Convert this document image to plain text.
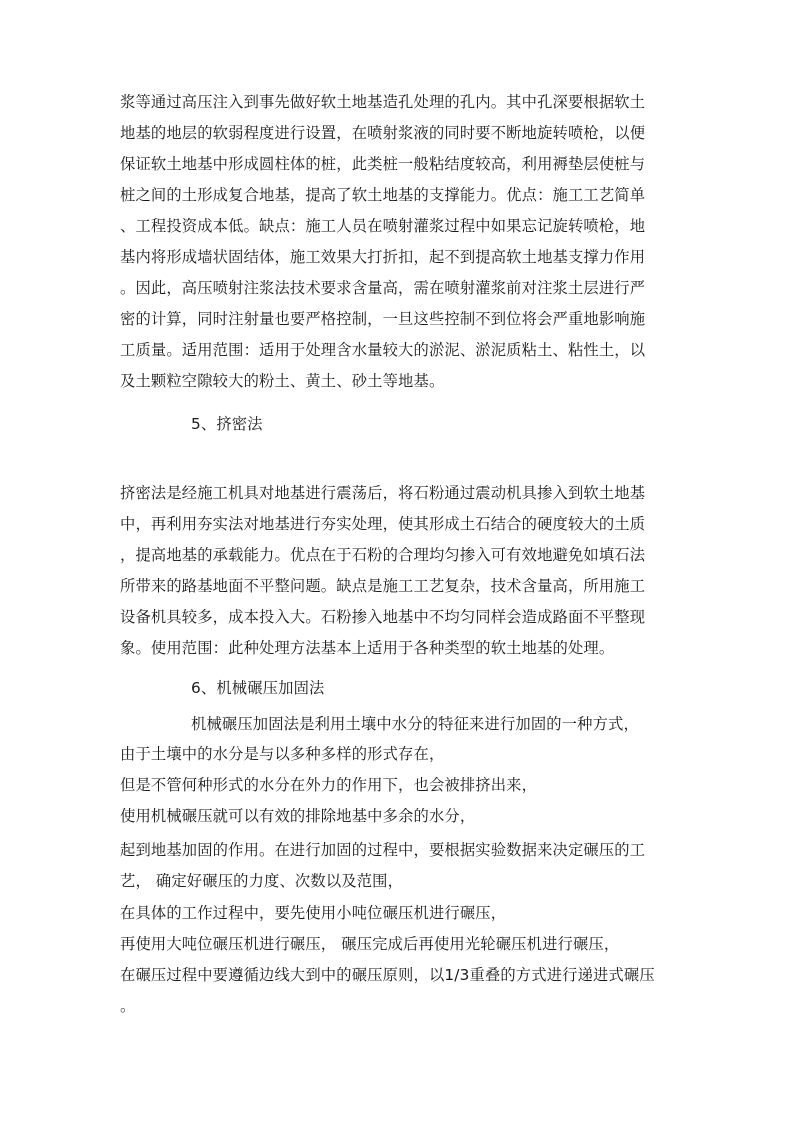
浆等通过高压注入到事先做好软土地基造孔处理的孔内。其中孔深要根据软土
地基的地层的软弱程度进行设置，在喷射浆液的同时要不断地旋转喷枪，以便
保证软土地基中形成圆柱体的桩，此类桩一般粘结度较高，利用褥垫层使桩与
桩之间的土形成复合地基，提高了软土地基的支撑能力。优点：施工工艺简单
、工程投资成本低。缺点：施工人员在喷射灌浆过程中如果忘记旋转喷枪，地
基内将形成墙状固结体，施工效果大打折扣，起不到提高软土地基支撑力作用
。因此，高压喷射注浆法技术要求含量高，需在喷射灌浆前对注浆土层进行严
密的计算，同时注射量也要严格控制，一旦这些控制不到位将会严重地影响施
工质量。适用范围：适用于处理含水量较大的淤泥、淤泥质粘土、粘性土，以
及土颗粒空隙较大的粉土、黄土、砂土等地基。
5、挤密法
挤密法是经施工机具对地基进行震荡后，将石粉通过震动机具掺入到软土地基
中，再利用夯实法对地基进行夯实处理，使其形成土石结合的硬度较大的土质
，提高地基的承载能力。优点在于石粉的合理均匀掺入可有效地避免如填石法
所带来的路基地面不平整问题。缺点是施工工艺复杂，技术含量高，所用施工
设备机具较多，成本投入大。石粉掺入地基中不均匀同样会造成路面不平整现
象。使用范围：此种处理方法基本上适用于各种类型的软土地基的处理。
6、机械碾压加固法
机械碾压加固法是利用土壤中水分的特征来进行加固的一种方式，
由于土壤中的水分是与以多种多样的形式存在，
但是不管何种形式的水分在外力的作用下，也会被排挤出来，
使用机械碾压就可以有效的排除地基中多余的水分，
起到地基加固的作用。在进行加固的过程中，要根据实验数据来决定碾压的工
艺， 确定好碾压的力度、次数以及范围，
在具体的工作过程中，要先使用小吨位碾压机进行碾压，
再使用大吨位碾压机进行碾压， 碾压完成后再使用光轮碾压机进行碾压，
在碾压过程中要遵循边线大到中的碾压原则，以1/3重叠的方式进行递进式碾压
。
